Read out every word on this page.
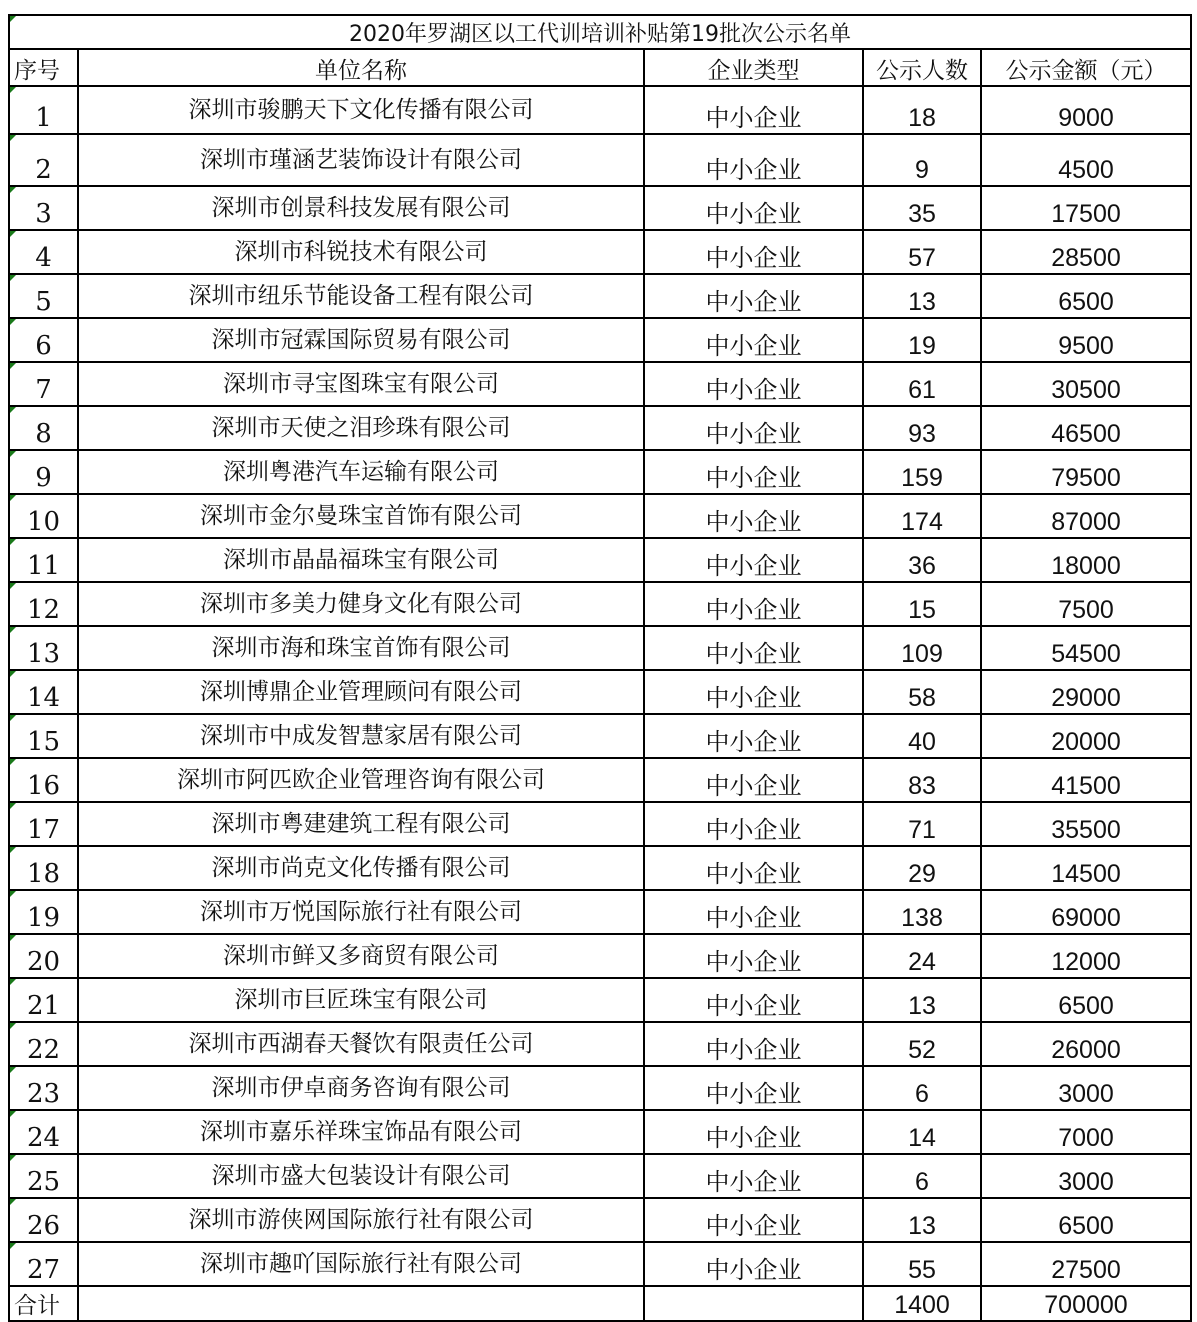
2020年罗湖区以工代训培训补贴第19批次公示名单				
序号	单位名称	企业类型	公示人数	公示金额（元）
1	深圳市骏鹏天下文化传播有限公司	中小企业	18	9000
2	深圳市瑾涵艺装饰设计有限公司	中小企业	9	4500
3	深圳市创景科技发展有限公司	中小企业	35	17500
4	深圳市科锐技术有限公司	中小企业	57	28500
5	深圳市纽乐节能设备工程有限公司	中小企业	13	6500
6	深圳市冠霖国际贸易有限公司	中小企业	19	9500
7	深圳市寻宝图珠宝有限公司	中小企业	61	30500
8	深圳市天使之泪珍珠有限公司	中小企业	93	46500
9	深圳粤港汽车运输有限公司	中小企业	159	79500
10	深圳市金尔曼珠宝首饰有限公司	中小企业	174	87000
11	深圳市晶晶福珠宝有限公司	中小企业	36	18000
12	深圳市多美力健身文化有限公司	中小企业	15	7500
13	深圳市海和珠宝首饰有限公司	中小企业	109	54500
14	深圳博鼎企业管理顾问有限公司	中小企业	58	29000
15	深圳市中成发智慧家居有限公司	中小企业	40	20000
16	深圳市阿匹欧企业管理咨询有限公司	中小企业	83	41500
17	深圳市粤建建筑工程有限公司	中小企业	71	35500
18	深圳市尚克文化传播有限公司	中小企业	29	14500
19	深圳市万悦国际旅行社有限公司	中小企业	138	69000
20	深圳市鲜又多商贸有限公司	中小企业	24	12000
21	深圳市巨匠珠宝有限公司	中小企业	13	6500
22	深圳市西湖春天餐饮有限责任公司	中小企业	52	26000
23	深圳市伊卓商务咨询有限公司	中小企业	6	3000
24	深圳市嘉乐祥珠宝饰品有限公司	中小企业	14	7000
25	深圳市盛大包装设计有限公司	中小企业	6	3000
26	深圳市游侠网国际旅行社有限公司	中小企业	13	6500
27	深圳市趣吖国际旅行社有限公司	中小企业	55	27500
合计			1400	700000
